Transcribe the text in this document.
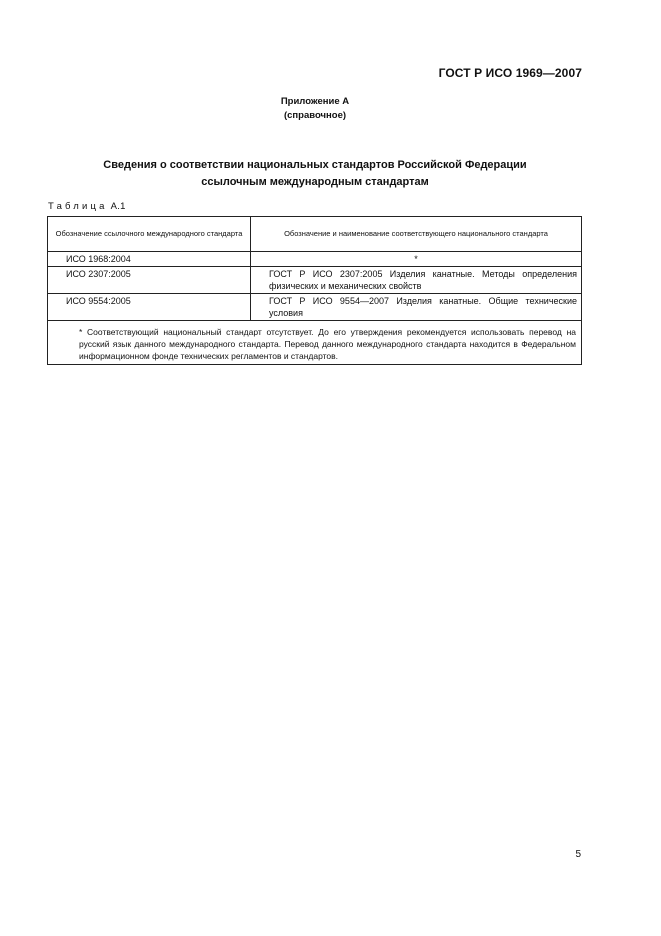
ГОСТ Р ИСО 1969—2007
Приложение А
(справочное)
Сведения о соответствии национальных стандартов Российской Федерации
ссылочным международным стандартам
Таблица А.1
Обозначение ссылочного международного стандарта	Обозначение и наименование соответствующего национального стандарта
ИСО 1968:2004	*
ИСО 2307:2005	ГОСТ Р ИСО 2307:2005 Изделия канатные. Методы определения физических и механических свойств

ИСО 9554:2005	ГОСТ Р ИСО 9554—2007 Изделия канатные. Общие технические условия

* Соответствующий национальный стандарт отсутствует. До его утверждения рекомендуется использовать перевод на русский язык данного международного стандарта. Перевод данного международного стандарта находится в Федеральном информационном фонде технических регламентов и стандартов.	
5
